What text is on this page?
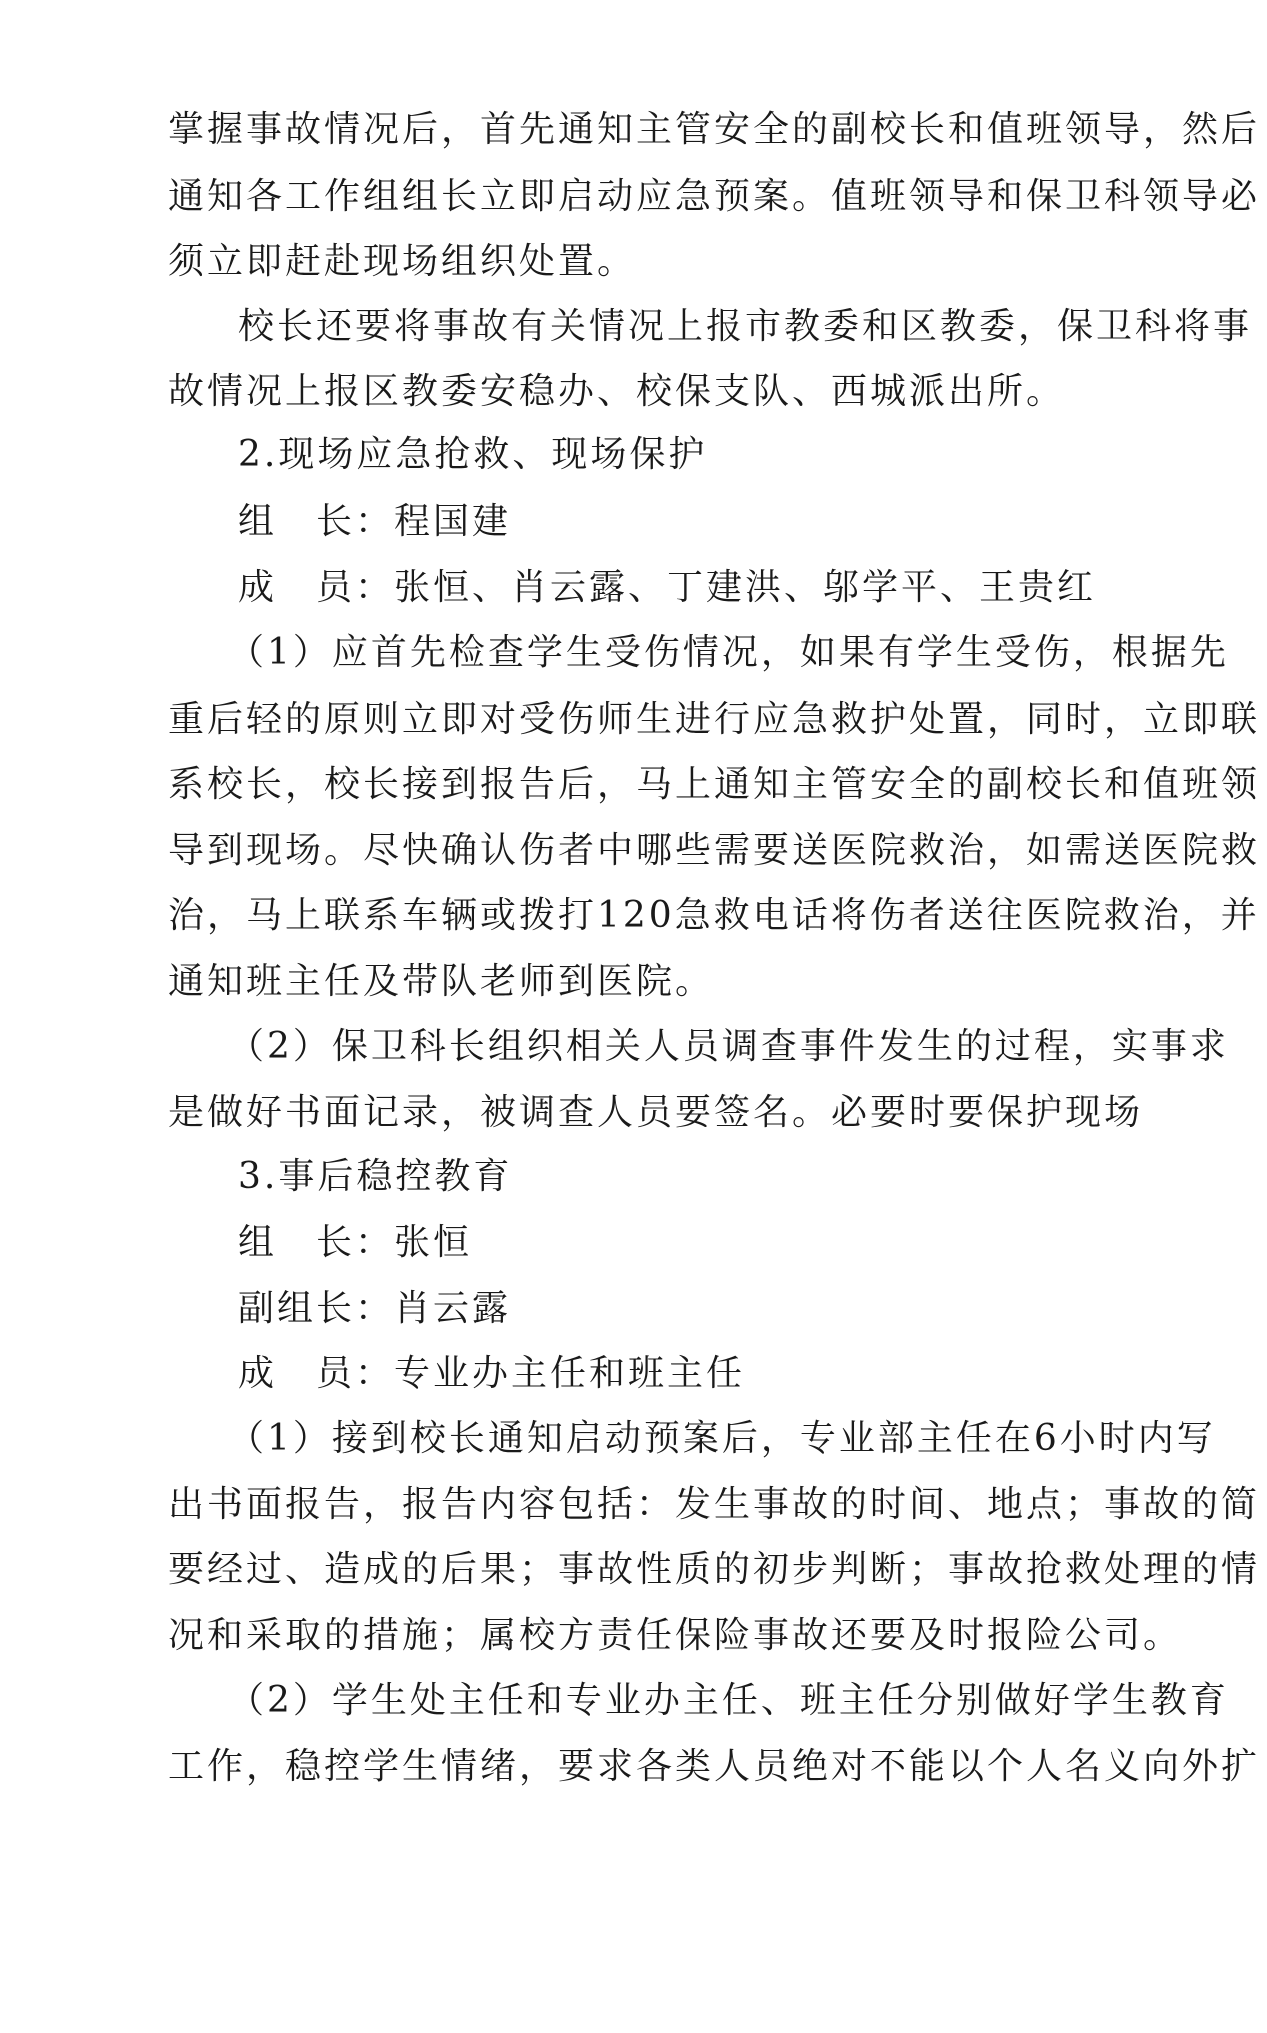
掌握事故情况后，首先通知主管安全的副校长和值班领导，然后

通知各工作组组长立即启动应急预案。值班领导和保卫科领导必

须立即赶赴现场组织处置。

校长还要将事故有关情况上报市教委和区教委，保卫科将事

故情况上报区教委安稳办、校保支队、西城派出所。

2.现场应急抢救、现场保护

组　长：程国建

成　员：张恒、肖云露、丁建洪、邬学平、王贵红

（1）应首先检查学生受伤情况，如果有学生受伤，根据先

重后轻的原则立即对受伤师生进行应急救护处置，同时，立即联

系校长，校长接到报告后，马上通知主管安全的副校长和值班领

导到现场。尽快确认伤者中哪些需要送医院救治，如需送医院救

治，马上联系车辆或拨打120急救电话将伤者送往医院救治，并

通知班主任及带队老师到医院。

（2）保卫科长组织相关人员调查事件发生的过程，实事求

是做好书面记录，被调查人员要签名。必要时要保护现场

3.事后稳控教育

组　长：张恒

副组长：肖云露

成　员：专业办主任和班主任

（1）接到校长通知启动预案后，专业部主任在6小时内写

出书面报告，报告内容包括：发生事故的时间、地点；事故的简

要经过、造成的后果；事故性质的初步判断；事故抢救处理的情

况和采取的措施；属校方责任保险事故还要及时报险公司。

（2）学生处主任和专业办主任、班主任分别做好学生教育

工作，稳控学生情绪，要求各类人员绝对不能以个人名义向外扩
